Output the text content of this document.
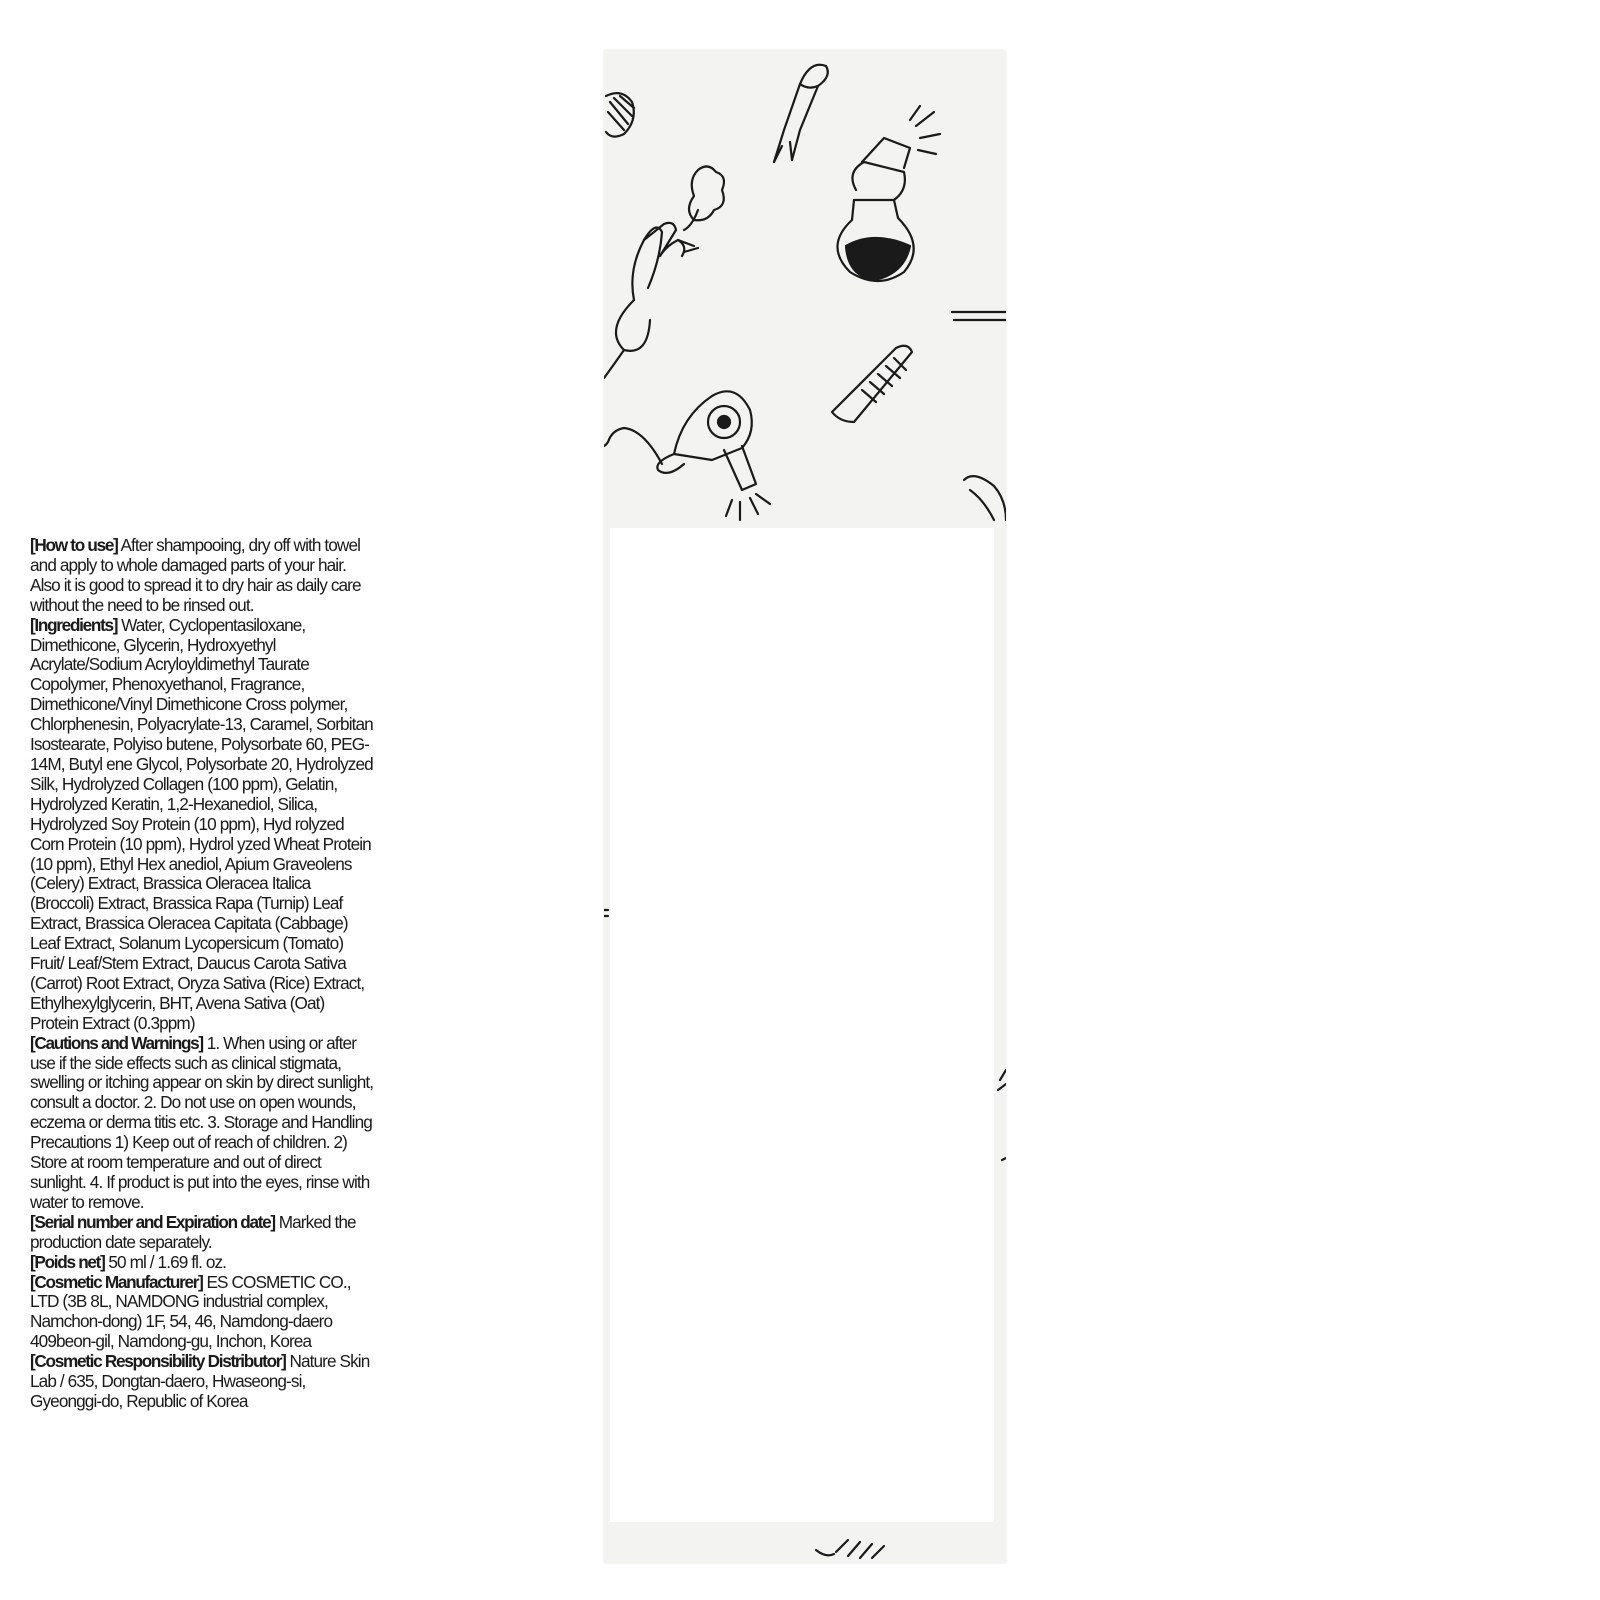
[How to use] After shampooing, dry off with towel and apply to whole damaged parts of your hair. Also it is good to spread it to dry hair as daily care without the need to be rinsed out.

[Ingredients] Water, Cyclopentasiloxane, Dimethicone, Glycerin, Hydroxyethyl Acrylate/Sodium Acryloyldimethyl Taurate Copolymer, Phenoxyethanol, Fragrance, Dimethicone/Vinyl Dimethicone Cross polymer, Chlorphenesin, Polyacrylate-13, Caramel, Sorbitan Isostearate, Polyiso butene, Polysorbate 60, PEG-14M, Butyl ene Glycol, Polysorbate 20, Hydrolyzed Silk, Hydrolyzed Collagen (100 ppm), Gelatin, Hydrolyzed Keratin, 1,2-Hexanediol, Silica, Hydrolyzed Soy Protein (10 ppm), Hyd rolyzed Corn Protein (10 ppm), Hydrol yzed Wheat Protein (10 ppm), Ethyl Hex anediol, Apium Graveolens (Celery) Extract, Brassica Oleracea Italica (Broccoli) Extract, Brassica Rapa (Turnip) Leaf Extract, Brassica Oleracea Capitata (Cabbage) Leaf Extract, Solanum Lycopersicum (Tomato) Fruit/ Leaf/Stem Extract, Daucus Carota Sativa (Carrot) Root Extract, Oryza Sativa (Rice) Extract, Ethylhexylglycerin, BHT, Avena Sativa (Oat) Protein Extract (0.3ppm)

[Cautions and Warnings] 1. When using or after use if the side effects such as clinical stigmata, swelling or itching appear on skin by direct sunlight, consult a doctor. 2. Do not use on open wounds, eczema or derma titis etc. 3. Storage and Handling Precautions 1) Keep out of reach of children. 2) Store at room temperature and out of direct sunlight. 4. If product is put into the eyes, rinse with water to remove.

[Serial number and Expiration date] Marked the production date separately.

[Poids net] 50 ml / 1.69 fl. oz.

[Cosmetic Manufacturer] ES COSMETIC CO., LTD (3B 8L, NAMDONG industrial complex, Namchon-dong) 1F, 54, 46, Namdong-daero 409beon-gil, Namdong-gu, Inchon, Korea

[Cosmetic Responsibility Distributor] Nature Skin Lab / 635, Dongtan-daero, Hwaseong-si, Gyeonggi-do, Republic of Korea
